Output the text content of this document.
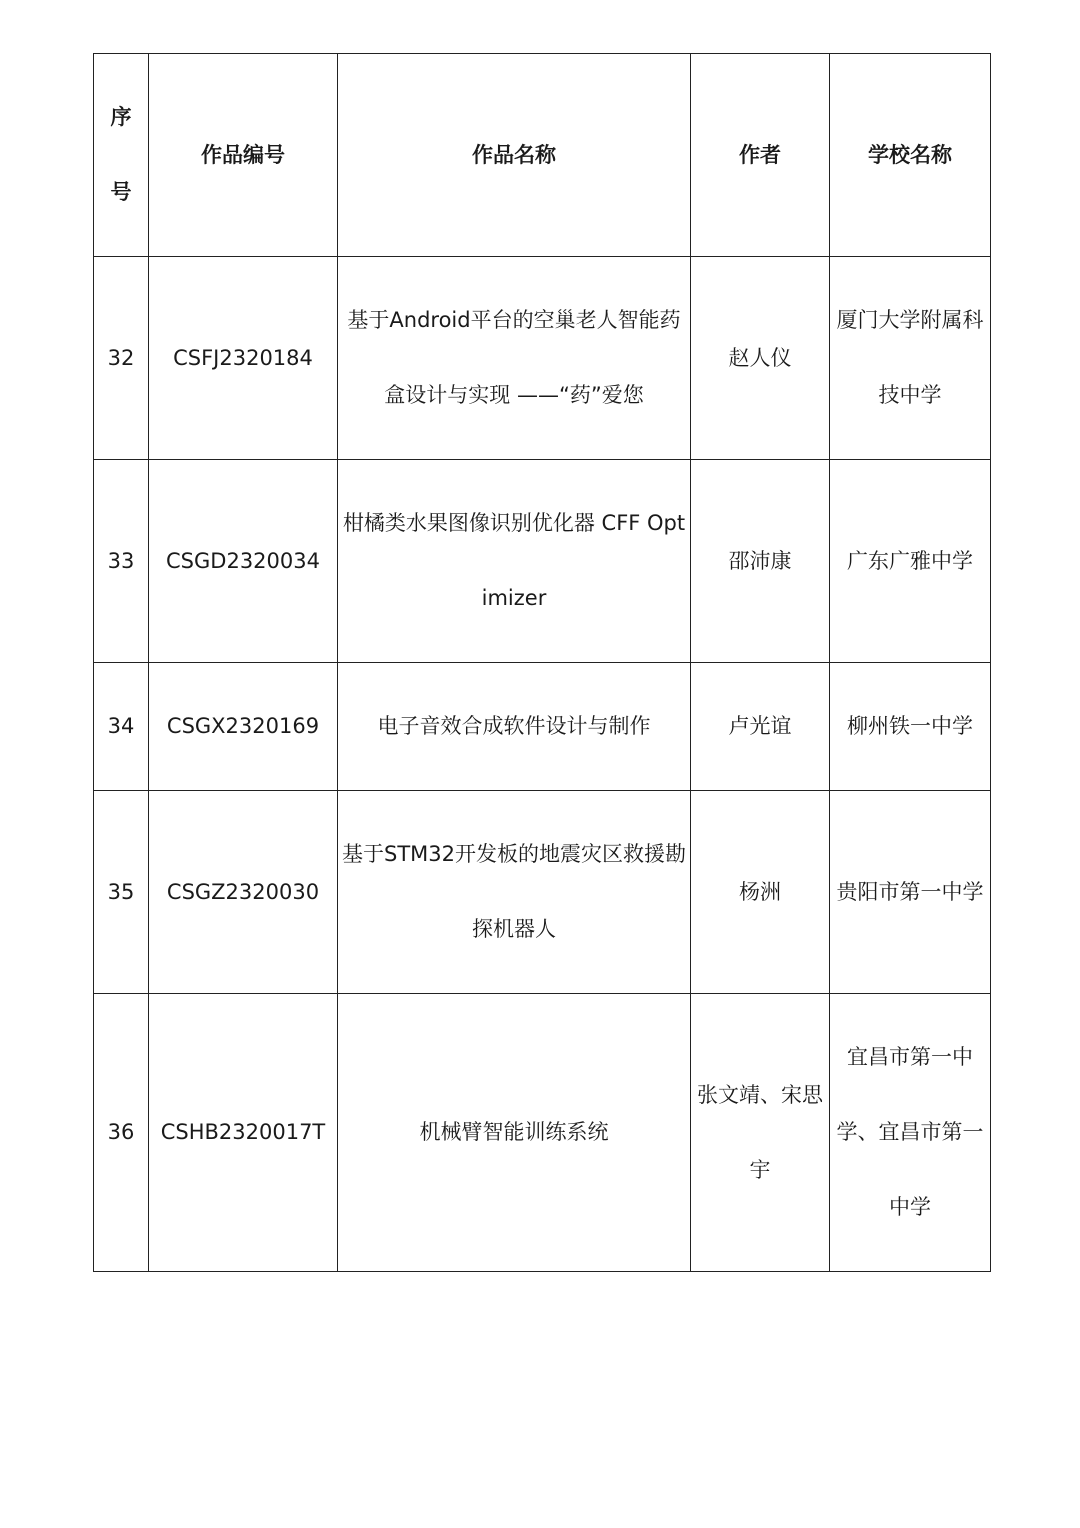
序
号	作品编号	作品名称	作者	学校名称
32	CSFJ2320184	基于Android平台的空巢老人智能药盒设计与实现 ——“药”爱您	赵人仪	厦门大学附属科技中学
33	CSGD2320034	柑橘类水果图像识别优化器 CFF Optimizer	邵沛康	广东广雅中学
34	CSGX2320169	电子音效合成软件设计与制作	卢光谊	柳州铁一中学
35	CSGZ2320030	基于STM32开发板的地震灾区救援勘探机器人	杨洲	贵阳市第一中学
36	CSHB2320017T	机械臂智能训练系统	张文靖、宋思宇	宜昌市第一中学、宜昌市第一中学
